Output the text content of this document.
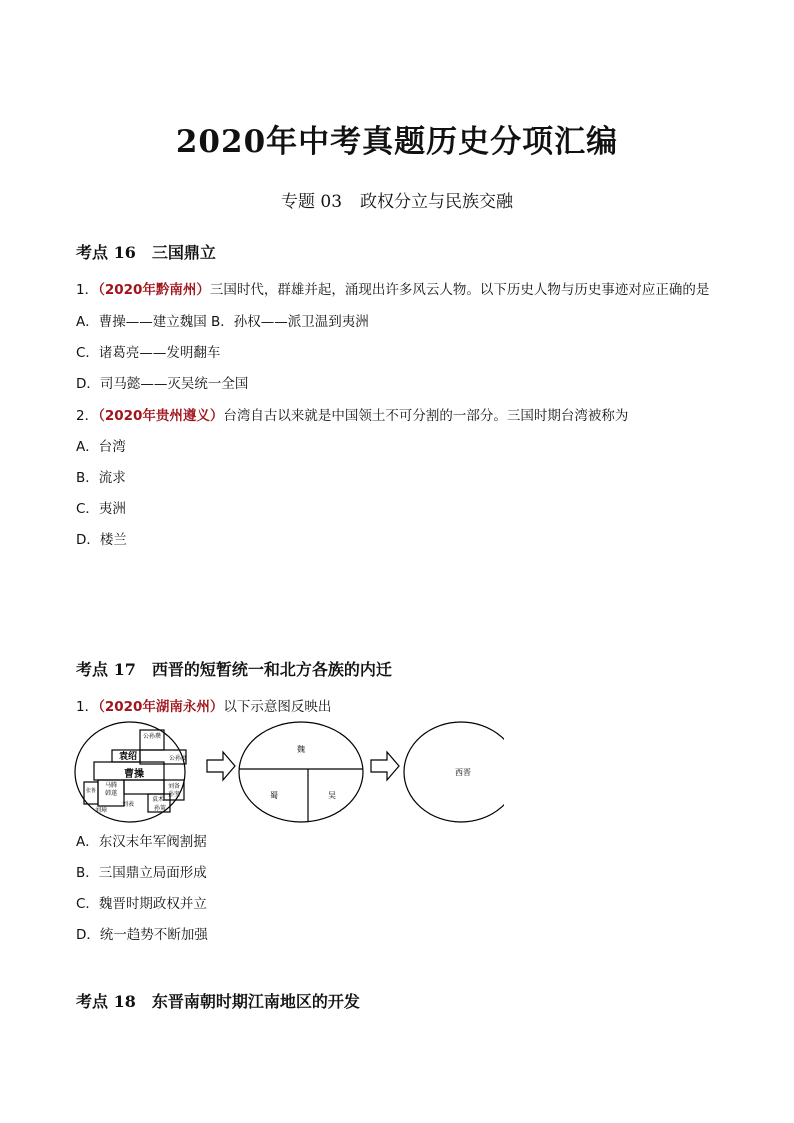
2020年中考真题历史分项汇编
专题 03 政权分立与民族交融
考点 16 三国鼎立
1．（2020年黔南州）三国时代，群雄并起，涌现出许多风云人物。以下历史人物与历史事迹对应正确的是
A．曹操——建立魏国 B．孙权——派卫温到夷洲
C．诸葛亮——发明翻车
D．司马懿——灭吴统一全国
2．（2020年贵州遵义）台湾自古以来就是中国领土不可分割的一部分。三国时期台湾被称为
A．台湾
B．流求
C．夷洲
D．楼兰
考点 17 西晋的短暂统一和北方各族的内迁
1．（2020年湖南永州）以下示意图反映出
公孙瓒
公孙度
袁绍
曹操
马腾
韩遂
张鲁
刘备
刘璋
刘表
孙策
袁术
孙坚
魏
蜀	吴
西晋
A．东汉末年军阀割据
B．三国鼎立局面形成
C．魏晋时期政权并立
D．统一趋势不断加强
考点 18 东晋南朝时期江南地区的开发
